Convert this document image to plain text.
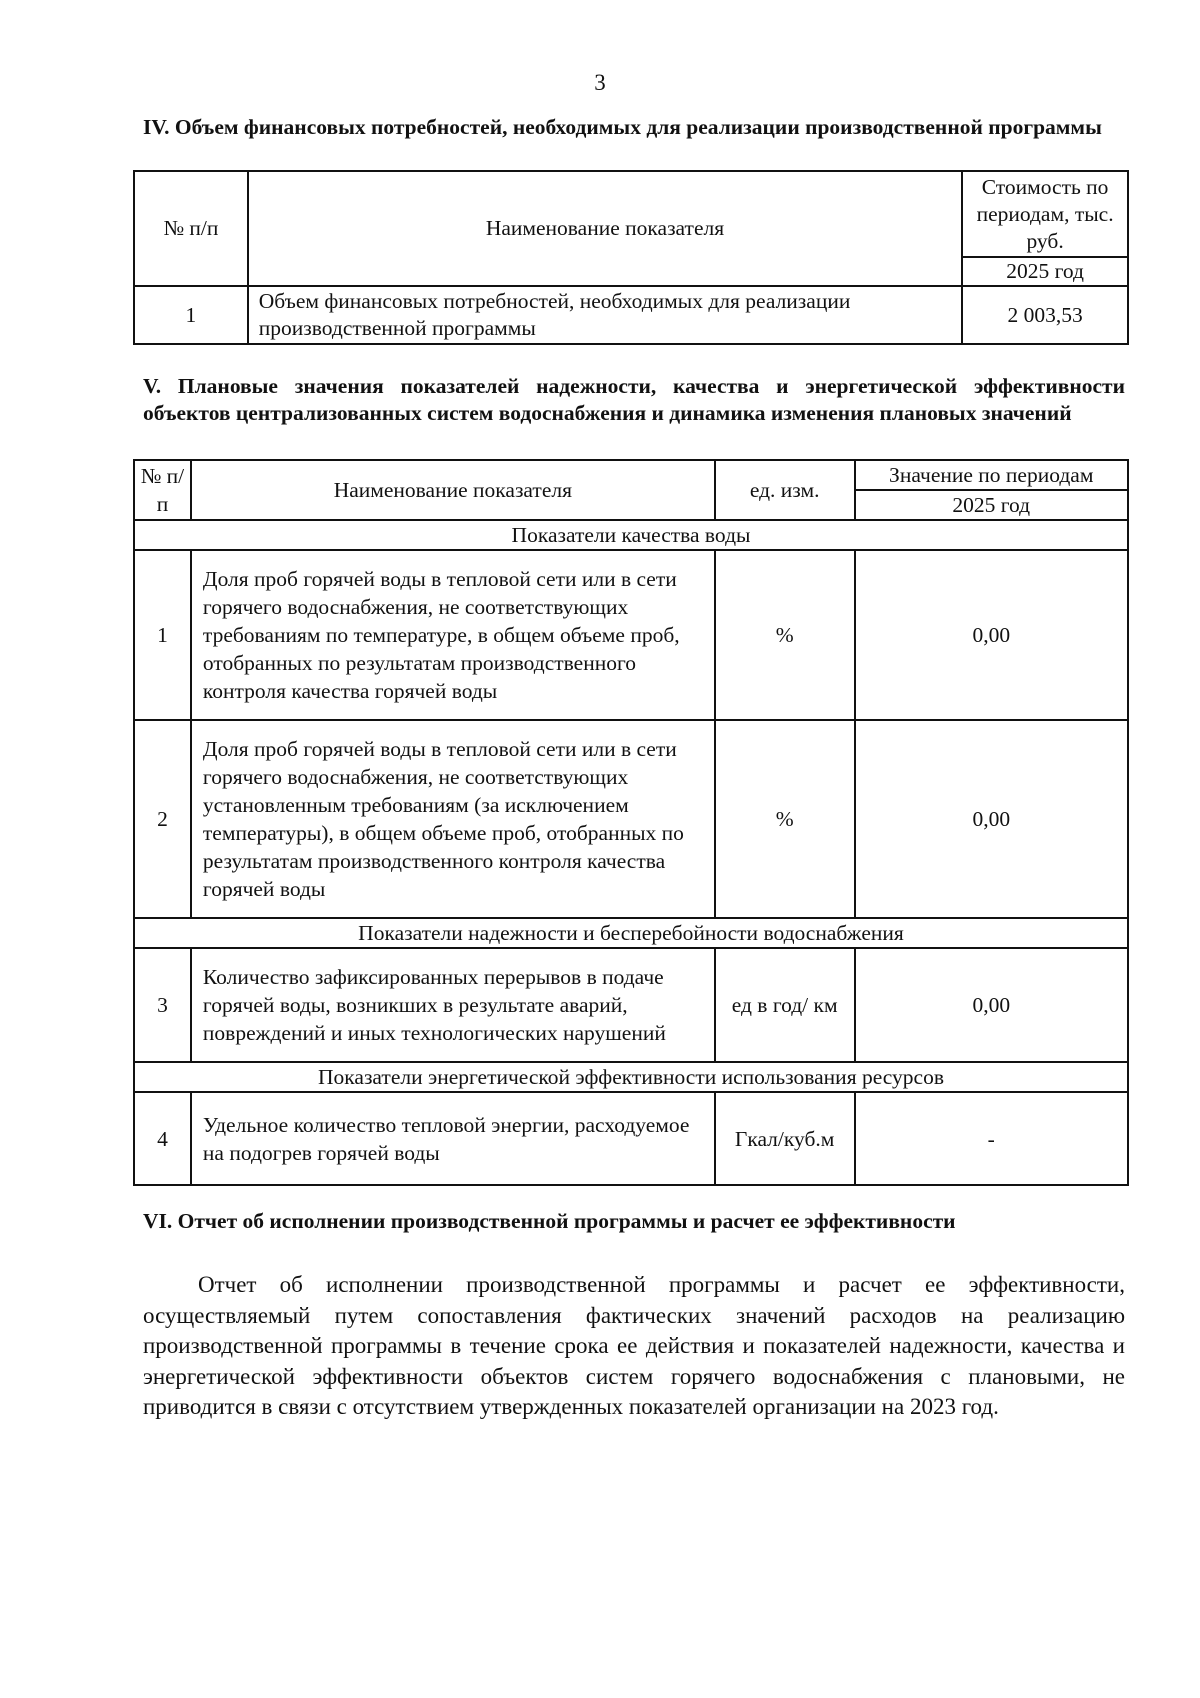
3
IV. Объем финансовых потребностей, необходимых для реализации производственной программы
№ п/п	Наименование показателя	Стоимость по периодам, тыс. руб.
		2025 год
1	Объем финансовых потребностей, необходимых для реализации производственной программы	2 003,53
V. Плановые значения показателей надежности, качества и энергетической эффективности объектов централизованных систем водоснабжения и динамика изменения плановых значений
№ п/п	Наименование показателя	ед. изм.	Значение по периодам
			2025 год
Показатели качества воды			
1	Доля проб горячей воды в тепловой сети или в сети горячего водоснабжения, не соответствующих требованиям по температуре, в общем объеме проб, отобранных по результатам производственного контроля качества горячей воды	%	0,00
2	Доля проб горячей воды в тепловой сети или в сети горячего водоснабжения, не соответствующих установленным требованиям (за исключением температуры), в общем объеме проб, отобранных по результатам производственного контроля качества горячей воды	%	0,00
Показатели надежности и бесперебойности водоснабжения			
3	Количество зафиксированных перерывов в подаче горячей воды, возникших в результате аварий, повреждений и иных технологических нарушений	ед в год/ км	0,00
Показатели энергетической эффективности использования ресурсов			
4	Удельное количество тепловой энергии, расходуемое на подогрев горячей воды	Гкал/куб.м	-
VI. Отчет об исполнении производственной программы и расчет ее эффективности
Отчет об исполнении производственной программы и расчет ее эффективности, осуществляемый путем сопоставления фактических значений расходов на реализацию производственной программы в течение срока ее действия и показателей надежности, качества и энергетической эффективности объектов систем горячего водоснабжения с плановыми, не приводится в связи с отсутствием утвержденных показателей организации на 2023 год.
